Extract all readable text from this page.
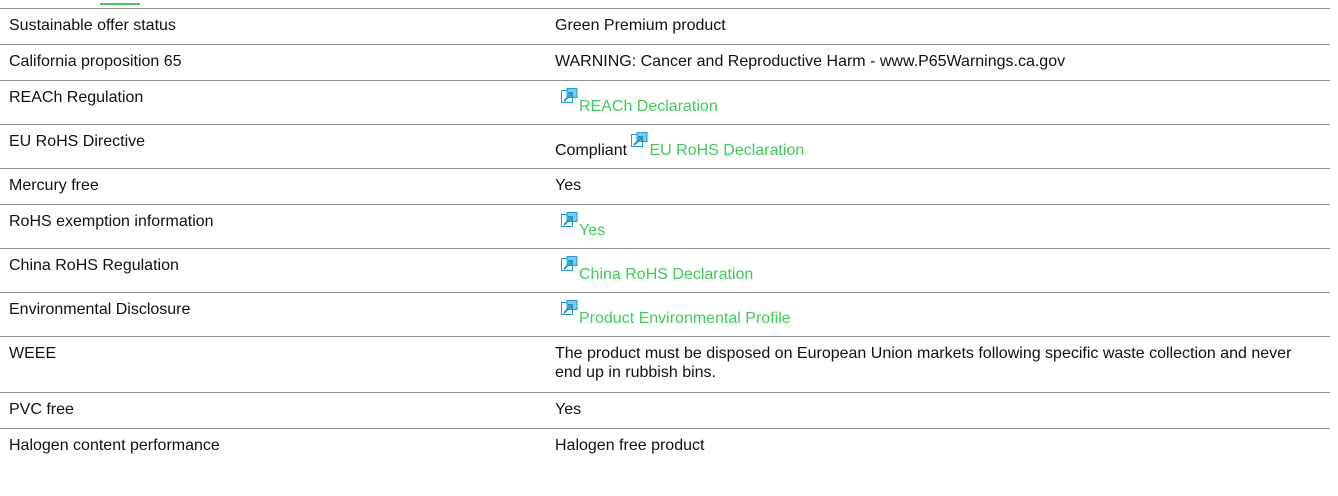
Sustainable offer status	Green Premium product
California proposition 65	WARNING: Cancer and Reproductive Harm - www.P65Warnings.ca.gov
REACh Regulation	REACh Declaration
EU RoHS Directive	Compliant EU RoHS Declaration
Mercury free	Yes
RoHS exemption information	Yes
China RoHS Regulation	China RoHS Declaration
Environmental Disclosure	Product Environmental Profile
WEEE	The product must be disposed on European Union markets following specific waste collection and never end up in rubbish bins.
PVC free	Yes
Halogen content performance	Halogen free product
